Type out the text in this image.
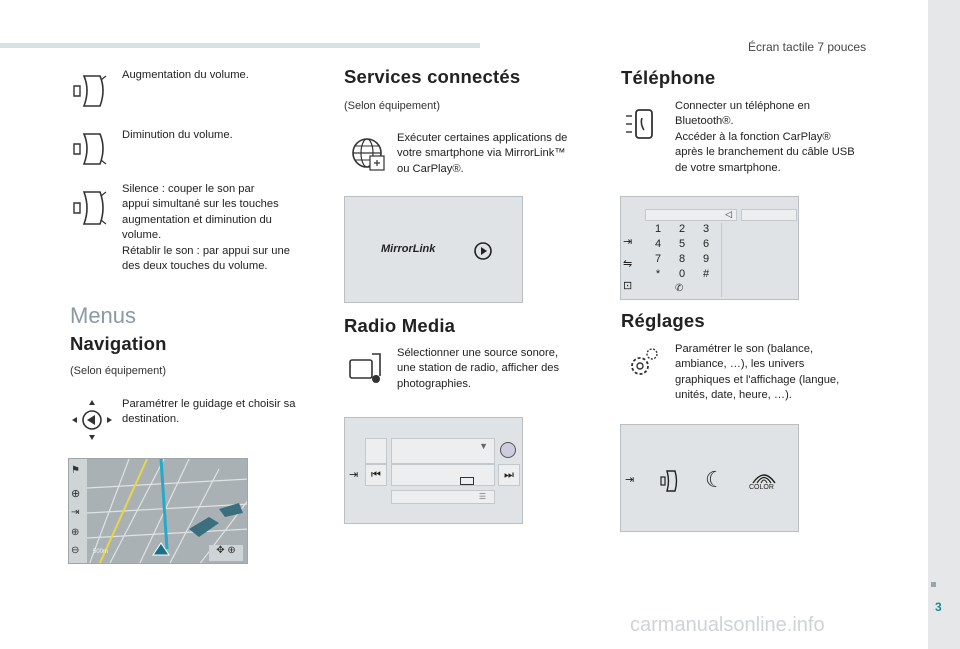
Écran tactile 7 pouces
3
Augmentation du volume.
Diminution du volume.
Silence : couper le son par
appui simultané sur les touches
augmentation et diminution du
volume.
Rétablir le son : par appui sur une
des deux touches du volume.
Menus
Navigation
(Selon équipement)
Paramétrer le guidage et choisir sa
destination.
500m
⚑
⊕
⇥
⊕
⊖	✥ ⊕
Services connectés
(Selon équipement)
Exécuter certaines applications de
votre smartphone via MirrorLink™
ou CarPlay®.
MirrorLink
Radio Media
Sélectionner une source sonore,
une station de radio, afficher des
photographies.
▼
⇥	⏮	⏭
☰
Téléphone
Connecter un téléphone en
Bluetooth®.
Accéder à la fonction CarPlay®
après le branchement du câble USB
de votre smartphone.
◁
⇥
⇋
⊡
1	2	3
4	5	6
7	8	9
*	0	#
✆
Réglages
Paramétrer le son (balance,
ambiance, …), les univers
graphiques et l'affichage (langue,
unités, date, heure, …).
⇥	☾	COLOR
carmanualsonline.info
